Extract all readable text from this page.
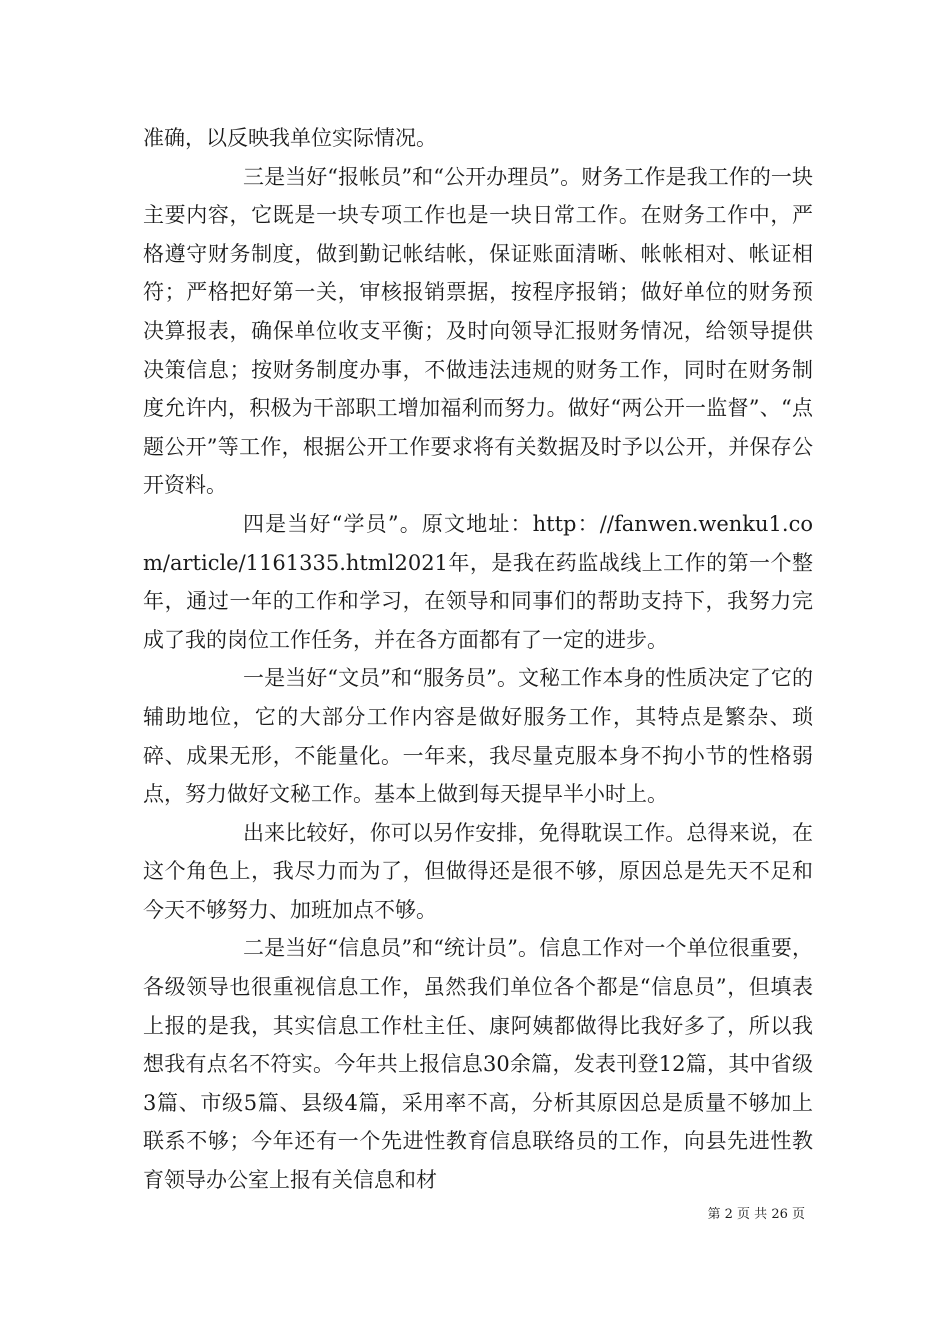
准确，以反映我单位实际情况。

三是当好“报帐员”和“公开办理员”。财务工作是我工作的一块主要内容，它既是一块专项工作也是一块日常工作。在财务工作中，严格遵守财务制度，做到勤记帐结帐，保证账面清晰、帐帐相对、帐证相符；严格把好第一关，审核报销票据，按程序报销；做好单位的财务预决算报表，确保单位收支平衡；及时向领导汇报财务情况，给领导提供决策信息；按财务制度办事，不做违法违规的财务工作，同时在财务制度允许内，积极为干部职工增加福利而努力。做好“两公开一监督”、“点题公开”等工作，根据公开工作要求将有关数据及时予以公开，并保存公开资料。

四是当好“学员”。原文地址：http：//fanwen.wenku1.com/article/1161335.html2021年，是我在药监战线上工作的第一个整年，通过一年的工作和学习，在领导和同事们的帮助支持下，我努力完成了我的岗位工作任务，并在各方面都有了一定的进步。

一是当好“文员”和“服务员”。文秘工作本身的性质决定了它的辅助地位，它的大部分工作内容是做好服务工作，其特点是繁杂、琐碎、成果无形，不能量化。一年来，我尽量克服本身不拘小节的性格弱点，努力做好文秘工作。基本上做到每天提早半小时上。

出来比较好，你可以另作安排，免得耽误工作。总得来说，在这个角色上，我尽力而为了，但做得还是很不够，原因总是先天不足和今天不够努力、加班加点不够。

二是当好“信息员”和“统计员”。信息工作对一个单位很重要，各级领导也很重视信息工作，虽然我们单位各个都是“信息员”，但填表上报的是我，其实信息工作杜主任、康阿姨都做得比我好多了，所以我想我有点名不符实。今年共上报信息30余篇，发表刊登12篇，其中省级3篇、市级5篇、县级4篇，采用率不高，分析其原因总是质量不够加上联系不够；今年还有一个先进性教育信息联络员的工作，向县先进性教育领导办公室上报有关信息和材

第 2 页 共 26 页
